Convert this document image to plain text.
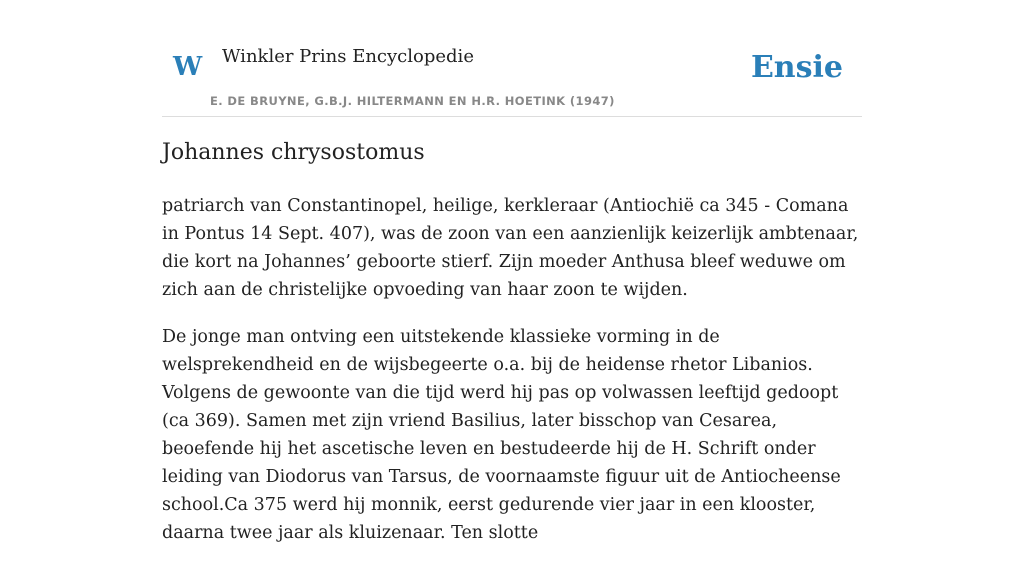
W Winkler Prins Encyclopedie
E. DE BRUYNE, G.B.J. HILTERMANN EN H.R. HOETINK (1947)
Ensie
Johannes chrysostomus

patriarch van Constantinopel, heilige, kerkleraar (Antiochië ca 345 - Comana in Pontus 14 Sept. 407), was de zoon van een aanzienlijk keizerlijk ambtenaar, die kort na Johannes’ geboorte stierf. Zijn moeder Anthusa bleef weduwe om zich aan de christelijke opvoeding van haar zoon te wijden.

De jonge man ontving een uitstekende klassieke vorming in de welsprekendheid en de wijsbegeerte o.a. bij de heidense rhetor Libanios. Volgens de gewoonte van die tijd werd hij pas op volwassen leeftijd gedoopt (ca 369). Samen met zijn vriend Basilius, later bisschop van Cesarea, beoefende hij het ascetische leven en bestudeerde hij de H. Schrift onder leiding van Diodorus van Tarsus, de voornaamste figuur uit de Antiocheense school.Ca 375 werd hij monnik, eerst gedurende vier jaar in een klooster, daarna twee jaar als kluizenaar. Ten slotte
